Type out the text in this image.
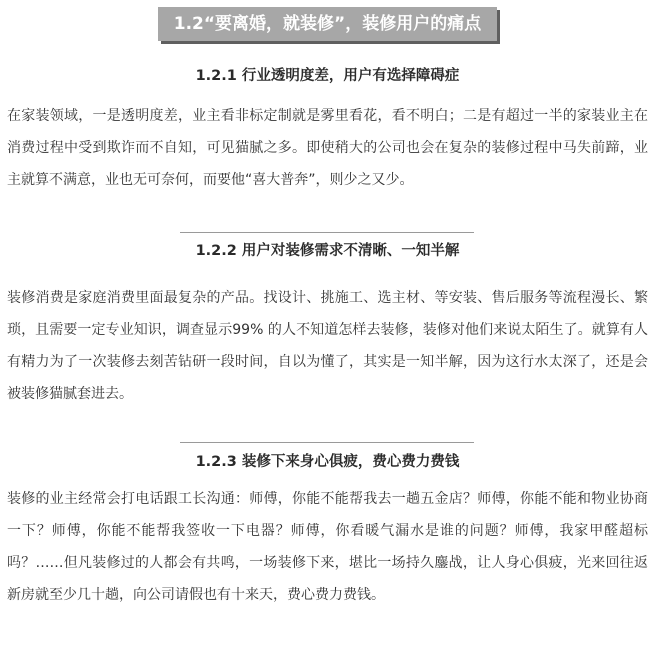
1.2“要离婚，就装修”，装修用户的痛点
1.2.1 行业透明度差，用户有选择障碍症

在家装领域，一是透明度差，业主看非标定制就是雾里看花，看不明白；二是有超过一半的家装业主在消费过程中受到欺诈而不自知，可见猫腻之多。即使稍大的公司也会在复杂的装修过程中马失前蹄，业主就算不满意，业也无可奈何，而要他“喜大普奔”，则少之又少。

1.2.2 用户对装修需求不清晰、一知半解

装修消费是家庭消费里面最复杂的产品。找设计、挑施工、选主材、等安装、售后服务等流程漫长、繁琐，且需要一定专业知识，调查显示99% 的人不知道怎样去装修，装修对他们来说太陌生了。就算有人有精力为了一次装修去刻苦钻研一段时间，自以为懂了，其实是一知半解，因为这行水太深了，还是会被装修猫腻套进去。

1.2.3 装修下来身心俱疲，费心费力费钱

装修的业主经常会打电话跟工长沟通：师傅，你能不能帮我去一趟五金店？师傅，你能不能和物业协商一下？师傅，你能不能帮我签收一下电器？师傅，你看暖气漏水是谁的问题？师傅，我家甲醛超标吗？……但凡装修过的人都会有共鸣，一场装修下来，堪比一场持久鏖战，让人身心俱疲，光来回往返新房就至少几十趟，向公司请假也有十来天，费心费力费钱。
